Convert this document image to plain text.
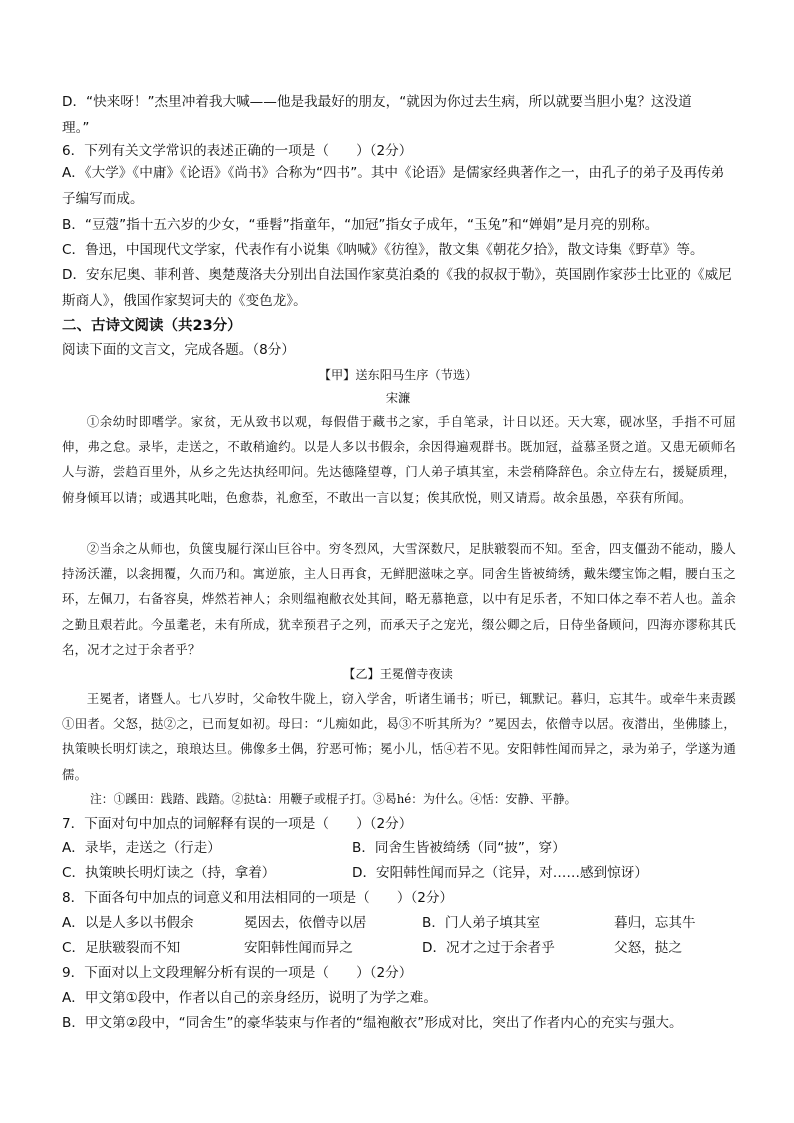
D．“快来呀！”杰里冲着我大喊——他是我最好的朋友，“就因为你过去生病，所以就要当胆小鬼？这没道
理。”
6．下列有关文学常识的表述正确的一项是（　　）（2分）
A．《大学》《中庸》《论语》《尚书》合称为“四书”。其中《论语》是儒家经典著作之一，由孔子的弟子及再传弟子编写而成。
B．“豆蔻”指十五六岁的少女，“垂髫”指童年，“加冠”指女子成年，“玉兔”和“婵娟”是月亮的别称。
C．鲁迅，中国现代文学家，代表作有小说集《呐喊》《彷徨》，散文集《朝花夕拾》，散文诗集《野草》等。
D．安东尼奥、菲利普、奥楚蔑洛夫分别出自法国作家莫泊桑的《我的叔叔于勒》，英国剧作家莎士比亚的《威尼斯商人》，俄国作家契诃夫的《变色龙》。
二、古诗文阅读（共23分）
阅读下面的文言文，完成各题。（8分）
【甲】送东阳马生序（节选）
宋濂
①余幼时即嗜学。家贫，无从致书以观，每假借于藏书之家，手自笔录，计日以还。天大寒，砚冰坚，手指不可屈伸，弗之怠。录毕，走送之，不敢稍逾约。以是人多以书假余，余因得遍观群书。既加冠，益慕圣贤之道。又患无硕师名人与游，尝趋百里外，从乡之先达执经叩问。先达德隆望尊，门人弟子填其室，未尝稍降辞色。余立侍左右，援疑质理，俯身倾耳以请；或遇其叱咄，色愈恭，礼愈至，不敢出一言以复；俟其欣悦，则又请焉。故余虽愚，卒获有所闻。
②当余之从师也，负箧曳屣行深山巨谷中。穷冬烈风，大雪深数尺，足肤皲裂而不知。至舍，四支僵劲不能动，媵人持汤沃灌，以衾拥覆，久而乃和。寓逆旅，主人日再食，无鲜肥滋味之享。同舍生皆被绮绣，戴朱缨宝饰之帽，腰白玉之环，左佩刀，右备容臭，烨然若神人；余则缊袍敝衣处其间，略无慕艳意，以中有足乐者，不知口体之奉不若人也。盖余之勤且艰若此。今虽耄老，未有所成，犹幸预君子之列，而承天子之宠光，缀公卿之后，日侍坐备顾问，四海亦谬称其氏名，况才之过于余者乎？
【乙】王冕僧寺夜读
王冕者，诸暨人。七八岁时，父命牧牛陇上，窃入学舍，听诸生诵书；听已，辄默记。暮归，忘其牛。或牵牛来责蹊①田者。父怒，挞②之，已而复如初。母曰：“儿痴如此，曷③不听其所为？”冕因去，依僧寺以居。夜潜出，坐佛膝上，执策映长明灯读之，琅琅达旦。佛像多土偶，狞恶可怖；冕小儿，恬④若不见。安阳韩性闻而异之，录为弟子，学遂为通儒。
注：①蹊田：践踏、践踏。②挞tà：用鞭子或棍子打。③曷hé：为什么。④恬：安静、平静。
7．下面对句中加点的词解释有误的一项是（　　）（2分）
A．录毕，走送之（行走）	B．同舍生皆被绮绣（同“披”，穿）
C．执策映长明灯读之（持，拿着）	D．安阳韩性闻而异之（诧异，对……感到惊讶）
8．下面各句中加点的词意义和用法相同的一项是（　　）（2分）
A．以是人多以书假余	冕因去，依僧寺以居	B．门人弟子填其室	暮归，忘其牛
C．足肤皲裂而不知	安阳韩性闻而异之	D．况才之过于余者乎	父怒，挞之
9．下面对以上文段理解分析有误的一项是（　　）（2分）
A．甲文第①段中，作者以自己的亲身经历，说明了为学之难。
B．甲文第②段中，“同舍生”的豪华装束与作者的“缊袍敝衣”形成对比，突出了作者内心的充实与强大。
